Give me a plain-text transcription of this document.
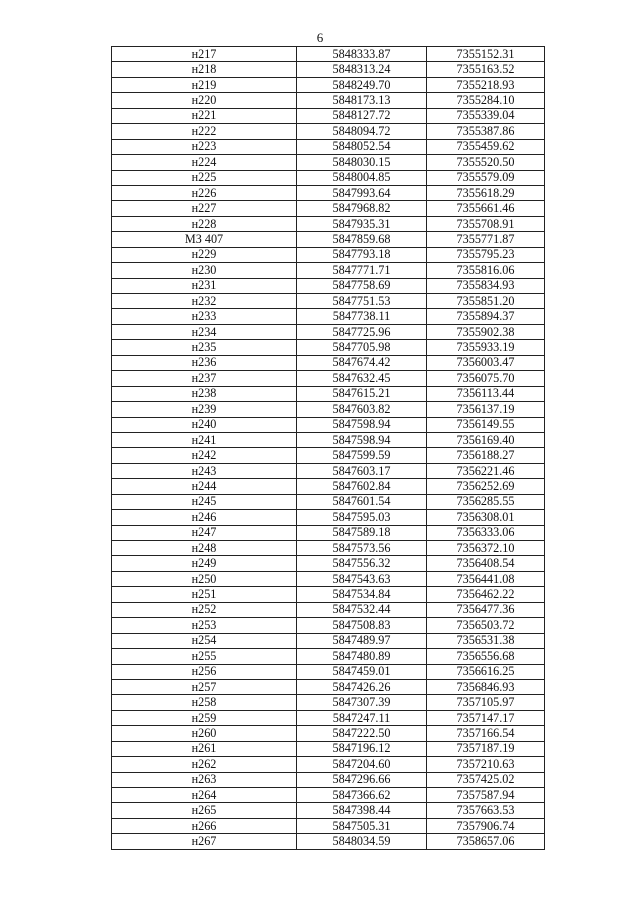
6
н217	5848333.87	7355152.31
н218	5848313.24	7355163.52
н219	5848249.70	7355218.93
н220	5848173.13	7355284.10
н221	5848127.72	7355339.04
н222	5848094.72	7355387.86
н223	5848052.54	7355459.62
н224	5848030.15	7355520.50
н225	5848004.85	7355579.09
н226	5847993.64	7355618.29
н227	5847968.82	7355661.46
н228	5847935.31	7355708.91
МЗ 407	5847859.68	7355771.87
н229	5847793.18	7355795.23
н230	5847771.71	7355816.06
н231	5847758.69	7355834.93
н232	5847751.53	7355851.20
н233	5847738.11	7355894.37
н234	5847725.96	7355902.38
н235	5847705.98	7355933.19
н236	5847674.42	7356003.47
н237	5847632.45	7356075.70
н238	5847615.21	7356113.44
н239	5847603.82	7356137.19
н240	5847598.94	7356149.55
н241	5847598.94	7356169.40
н242	5847599.59	7356188.27
н243	5847603.17	7356221.46
н244	5847602.84	7356252.69
н245	5847601.54	7356285.55
н246	5847595.03	7356308.01
н247	5847589.18	7356333.06
н248	5847573.56	7356372.10
н249	5847556.32	7356408.54
н250	5847543.63	7356441.08
н251	5847534.84	7356462.22
н252	5847532.44	7356477.36
н253	5847508.83	7356503.72
н254	5847489.97	7356531.38
н255	5847480.89	7356556.68
н256	5847459.01	7356616.25
н257	5847426.26	7356846.93
н258	5847307.39	7357105.97
н259	5847247.11	7357147.17
н260	5847222.50	7357166.54
н261	5847196.12	7357187.19
н262	5847204.60	7357210.63
н263	5847296.66	7357425.02
н264	5847366.62	7357587.94
н265	5847398.44	7357663.53
н266	5847505.31	7357906.74
н267	5848034.59	7358657.06
